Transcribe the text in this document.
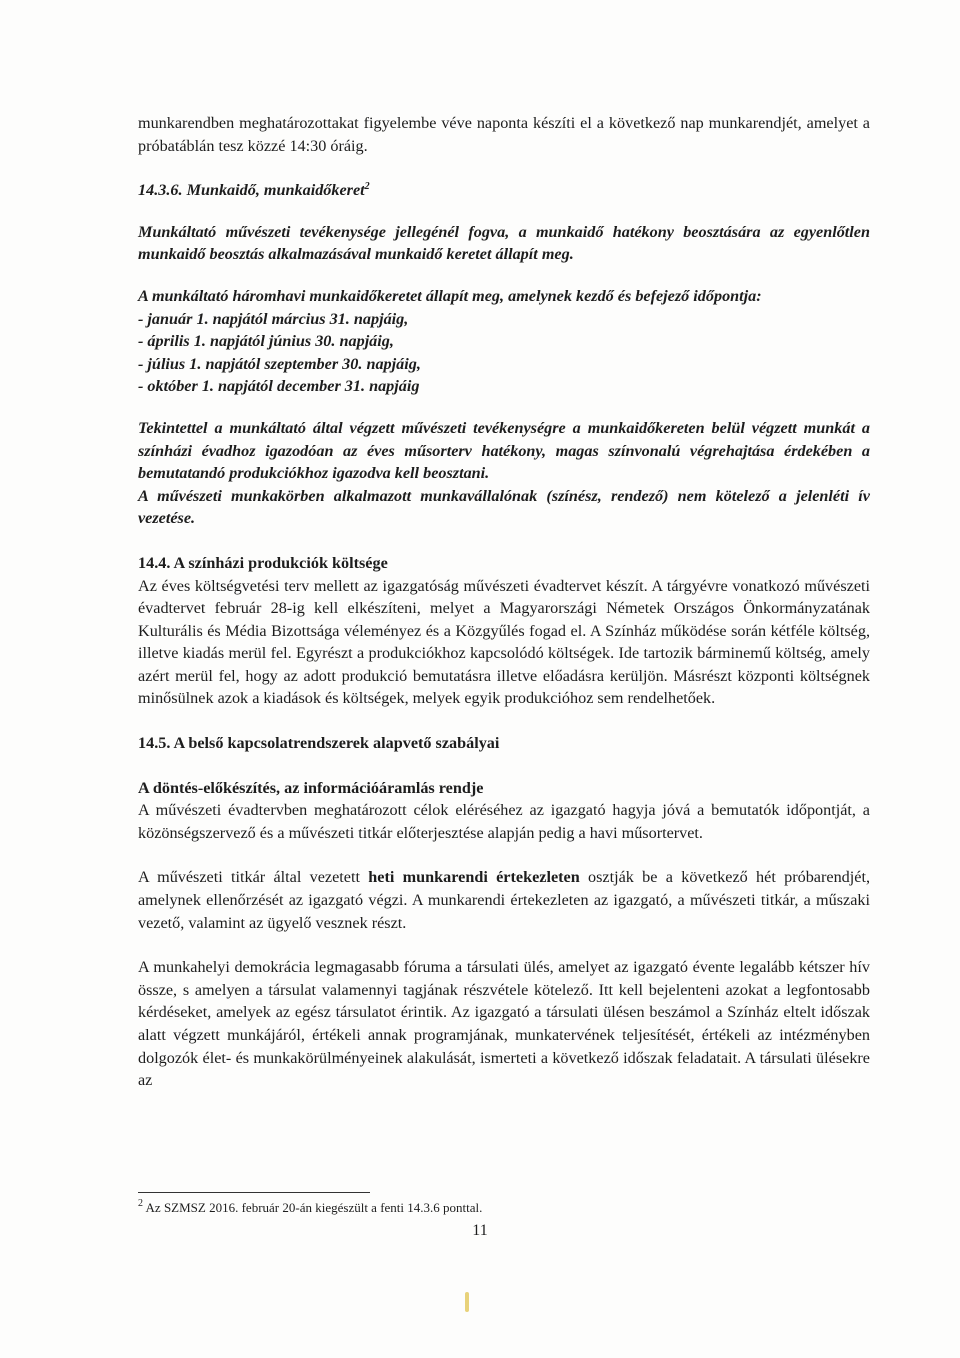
munkarendben meghatározottakat figyelembe véve naponta készíti el a következő nap munkarendjét, amelyet a próbatáblán tesz közzé 14:30 óráig.

14.3.6. Munkaidő, munkaidőkeret$^2$

Munkáltató művészeti tevékenysége jellegénél fogva, a munkaidő hatékony beosztására az egyenlőtlen munkaidő beosztás alkalmazásával munkaidő keretet állapít meg.

A munkáltató háromhavi munkaidőkeretet állapít meg, amelynek kezdő és befejező időpontja:

- január 1. napjától március 31. napjáig,
- április 1. napjától június 30. napjáig,
- július 1. napjától szeptember 30. napjáig,
- október 1. napjától december 31. napjáig

Tekintettel a munkáltató által végzett művészeti tevékenységre a munkaidőkereten belül végzett munkát a színházi évadhoz igazodóan az éves műsorterv hatékony, magas színvonalú végrehajtása érdekében a bemutatandó produkciókhoz igazodva kell beosztani.

A művészeti munkakörben alkalmazott munkavállalónak (színész, rendező) nem kötelező a jelenléti ív vezetése.

14.4. A színházi produkciók költsége

Az éves költségvetési terv mellett az igazgatóság művészeti évadtervet készít. A tárgyévre vonatkozó művészeti évadtervet február 28-ig kell elkészíteni, melyet a Magyarországi Németek Országos Önkormányzatának Kulturális és Média Bizottsága véleményez és a Közgyűlés fogad el. A Színház működése során kétféle költség, illetve kiadás merül fel. Egyrészt a produkciókhoz kapcsolódó költségek. Ide tartozik bárminemű költség, amely azért merül fel, hogy az adott produkció bemutatásra illetve előadásra kerüljön. Másrészt központi költségnek minősülnek azok a kiadások és költségek, melyek egyik produkcióhoz sem rendelhetőek.

14.5. A belső kapcsolatrendszerek alapvető szabályai

A döntés-előkészítés, az információáramlás rendje

A művészeti évadtervben meghatározott célok eléréséhez az igazgató hagyja jóvá a bemutatók időpontját, a közönségszervező és a művészeti titkár előterjesztése alapján pedig a havi műsortervet.

A művészeti titkár által vezetett heti munkarendi értekezleten osztják be a következő hét próbarendjét, amelynek ellenőrzését az igazgató végzi. A munkarendi értekezleten az igazgató, a művészeti titkár, a műszaki vezető, valamint az ügyelő vesznek részt.

A munkahelyi demokrácia legmagasabb fóruma a társulati ülés, amelyet az igazgató évente legalább kétszer hív össze, s amelyen a társulat valamennyi tagjának részvétele kötelező. Itt kell bejelenteni azokat a legfontosabb kérdéseket, amelyek az egész társulatot érintik. Az igazgató a társulati ülésen beszámol a Színház eltelt időszak alatt végzett munkájáról, értékeli annak programjának, munkatervének teljesítését, értékeli az intézményben dolgozók élet- és munkakörülményeinek alakulását, ismerteti a következő időszak feladatait. A társulati ülésekre az

$^2$ Az SZMSZ 2016. február 20-án kiegészült a fenti 14.3.6 ponttal.
11
